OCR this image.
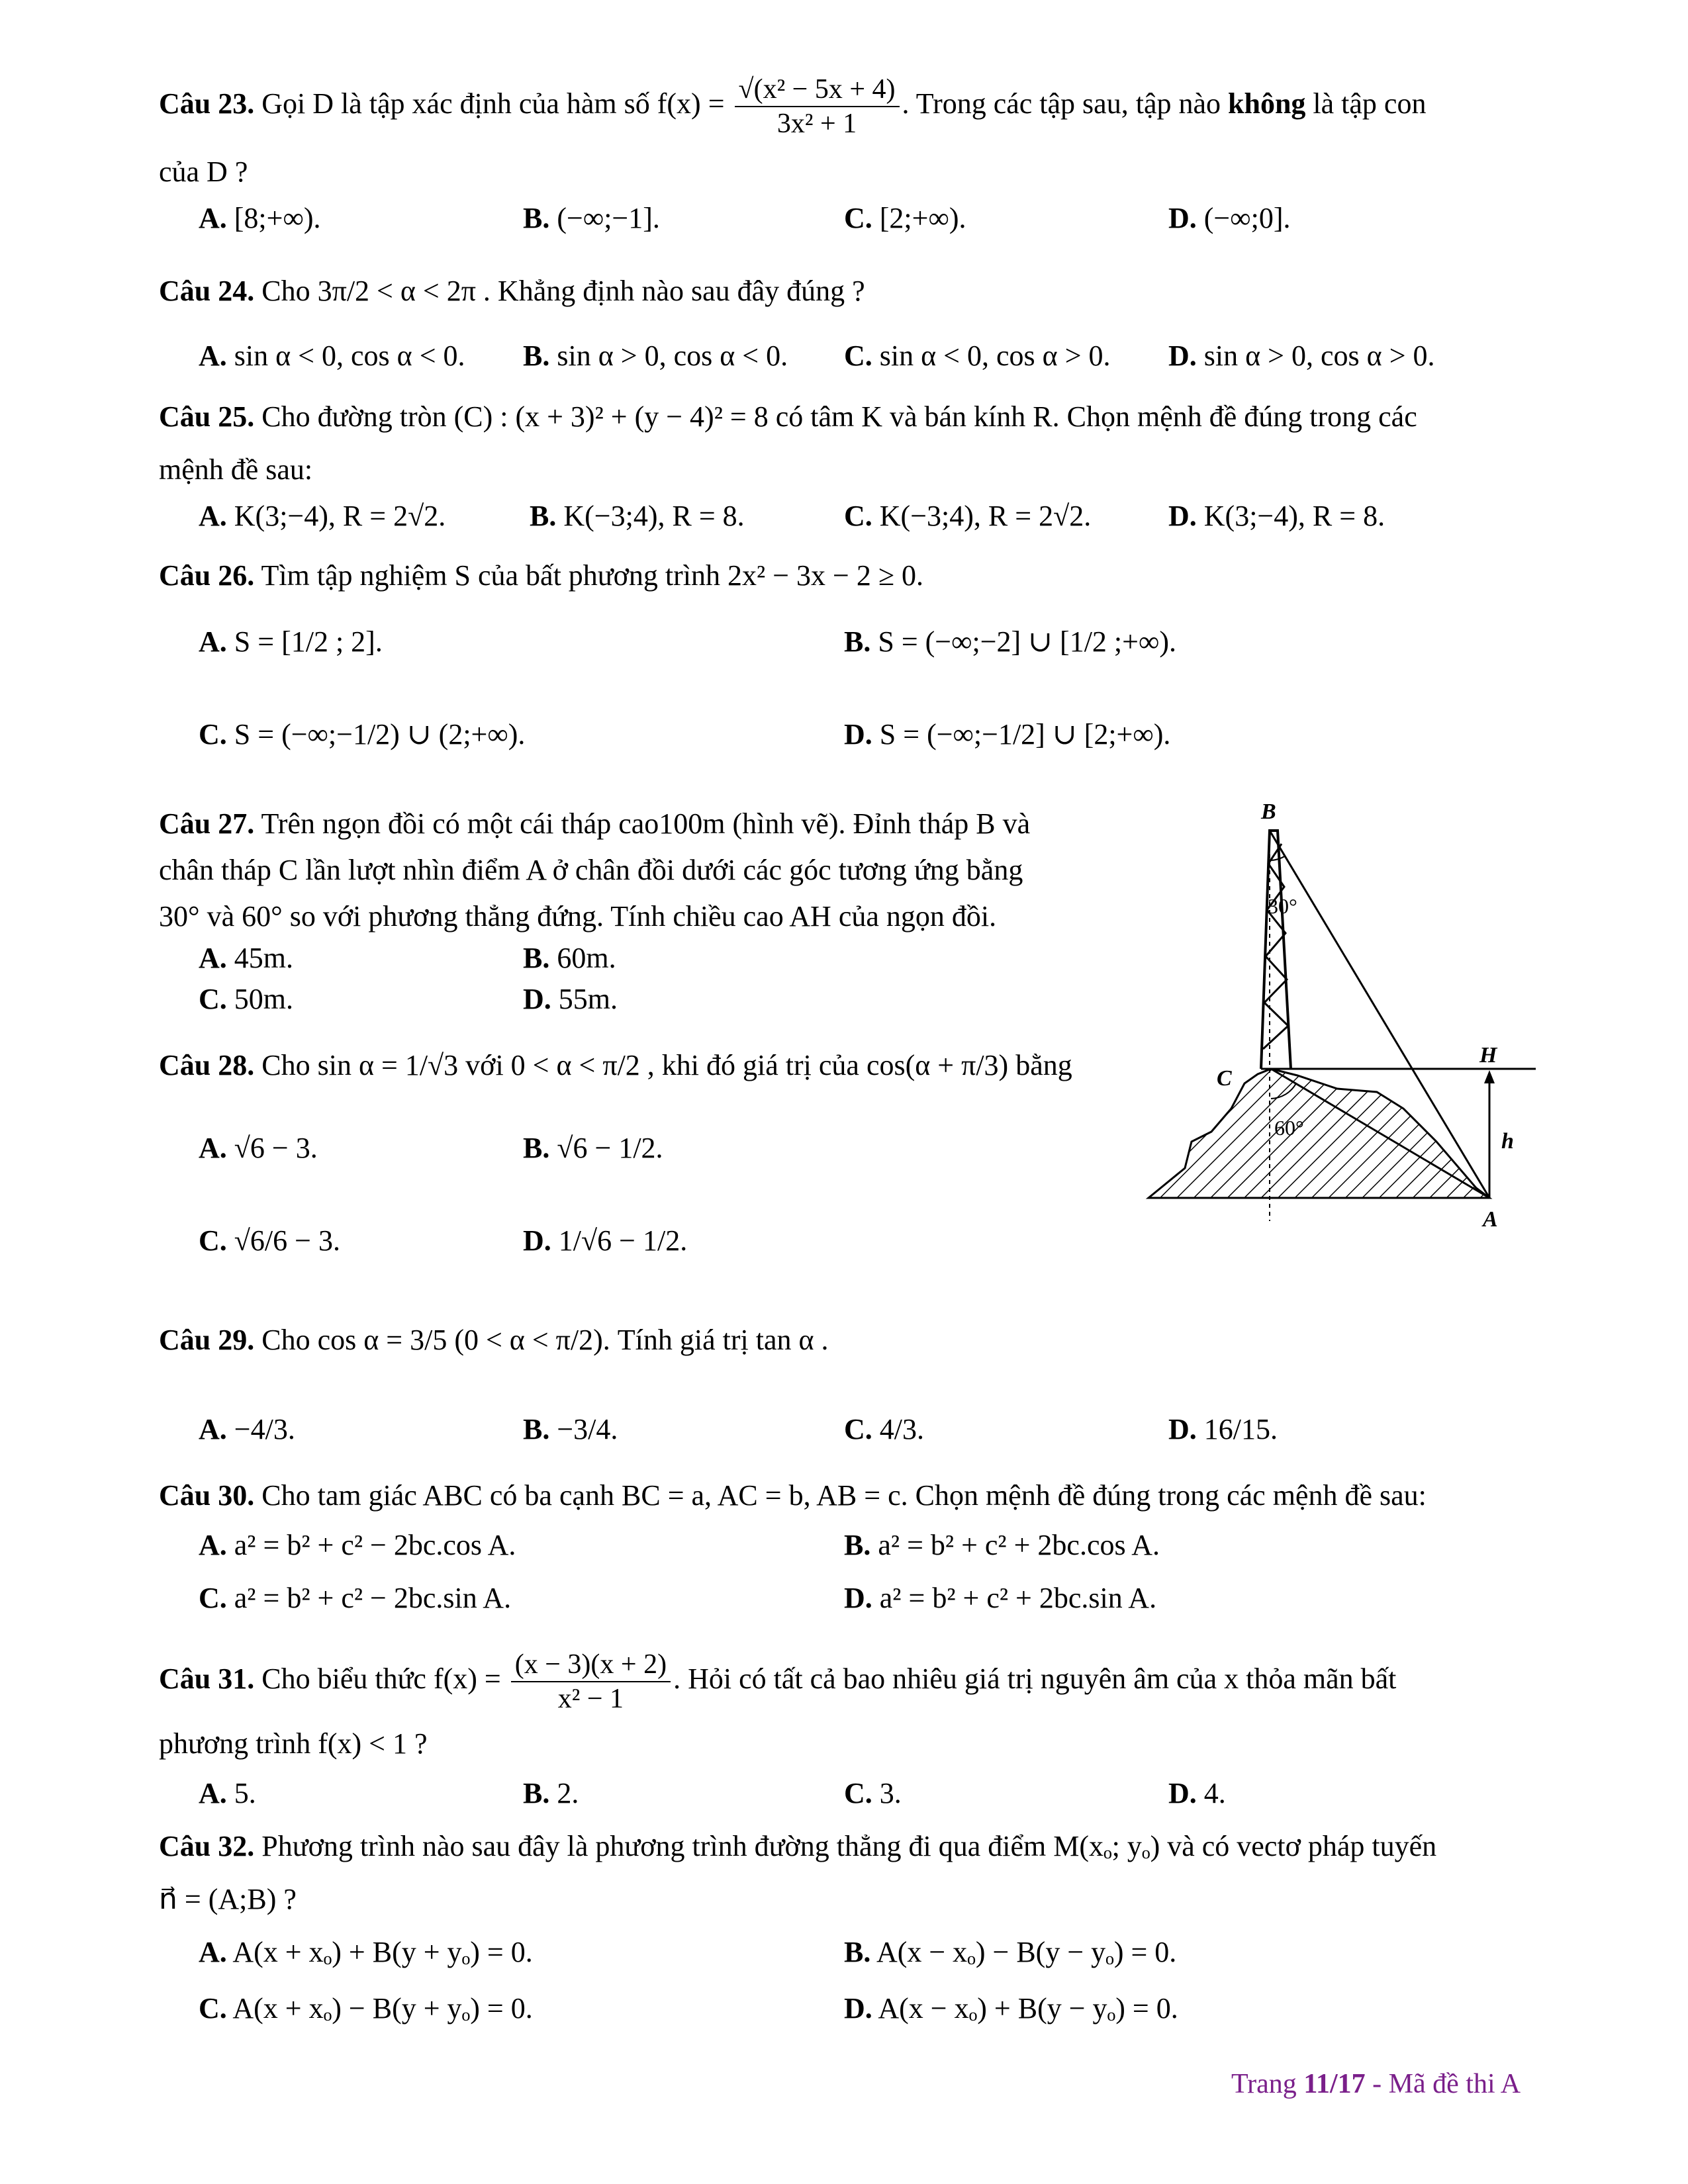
Câu 23. Gọi D là tập xác định của hàm số $f(x) = \frac{\text{√(x² − 5x + 4)}}{\text{3x² + 1}}$ . Trong các tập sau, tập nào không là tập con
của D ?
A. [8;+∞).	B. (−∞;−1].	C. [2;+∞).	D. (−∞;0].
Câu 24. Cho 3π/2 < α < 2π . Khẳng định nào sau đây đúng ?
A. sin α < 0, cos α < 0. B. sin α > 0, cos α < 0. C. sin α < 0, cos α > 0. D. sin α > 0, cos α > 0.
Câu 25. Cho đường tròn (C) : (x + 3)² + (y − 4)² = 8 có tâm K và bán kính R. Chọn mệnh đề đúng trong các
mệnh đề sau:
A. K(3;−4), R = 2√2.	B. K(−3;4), R = 8.	C. K(−3;4), R = 2√2.	D. K(3;−4), R = 8.
Câu 26. Tìm tập nghiệm S của bất phương trình 2x² − 3x − 2 ≥ 0.
A. S = [1/2 ; 2].	B. S = (−∞;−2] ∪ [1/2 ;+∞).
C. S = (−∞;−1/2) ∪ (2;+∞).	D. S = (−∞;−1/2] ∪ [2;+∞).
Câu 27. Trên ngọn đồi có một cái tháp cao100m (hình vẽ). Đỉnh tháp B và
chân tháp C lần lượt nhìn điểm A ở chân đồi dưới các góc tương ứng bằng
30° và 60° so với phương thẳng đứng. Tính chiều cao AH của ngọn đồi.
A. 45m.	B. 60m.
C. 50m.	D. 55m.
Câu 28. Cho sin α = 1/√3 với 0 < α < π/2 , khi đó giá trị của cos(α + π/3) bằng
A. √6 − 3.	B. √6 − 1/2.
C. √6/6 − 3.	D. 1/√6 − 1/2.
Câu 29. Cho cos α = 3/5 (0 < α < π/2). Tính giá trị tan α .
A. −4/3.	B. −3/4.	C. 4/3.	D. 16/15.
Câu 30. Cho tam giác ABC có ba cạnh BC = a, AC = b, AB = c. Chọn mệnh đề đúng trong các mệnh đề sau:
A. a² = b² + c² − 2bc.cos A.	B. a² = b² + c² + 2bc.cos A.
C. a² = b² + c² − 2bc.sin A.	D. a² = b² + c² + 2bc.sin A.
Câu 31. Cho biểu thức $f(x) = \frac{(x - 3)(x + 2)}{\text{x² − 1}}$ . Hỏi có tất cả bao nhiêu giá trị nguyên âm của x thỏa mãn bất
phương trình f(x) < 1 ?
A. 5.	B. 2.	C. 3.	D. 4.
Câu 32. Phương trình nào sau đây là phương trình đường thẳng đi qua điểm M(xₒ; yₒ) và có vectơ pháp tuyến
n⃗ = (A;B) ?
A. A(x + xₒ) + B(y + yₒ) = 0.	B. A(x − xₒ) − B(y − yₒ) = 0.
C. A(x + xₒ) − B(y + yₒ) = 0.	D. A(x − xₒ) + B(y − yₒ) = 0.
B
C
H
A
h
30°
60°
Trang 11/17 - Mã đề thi A
